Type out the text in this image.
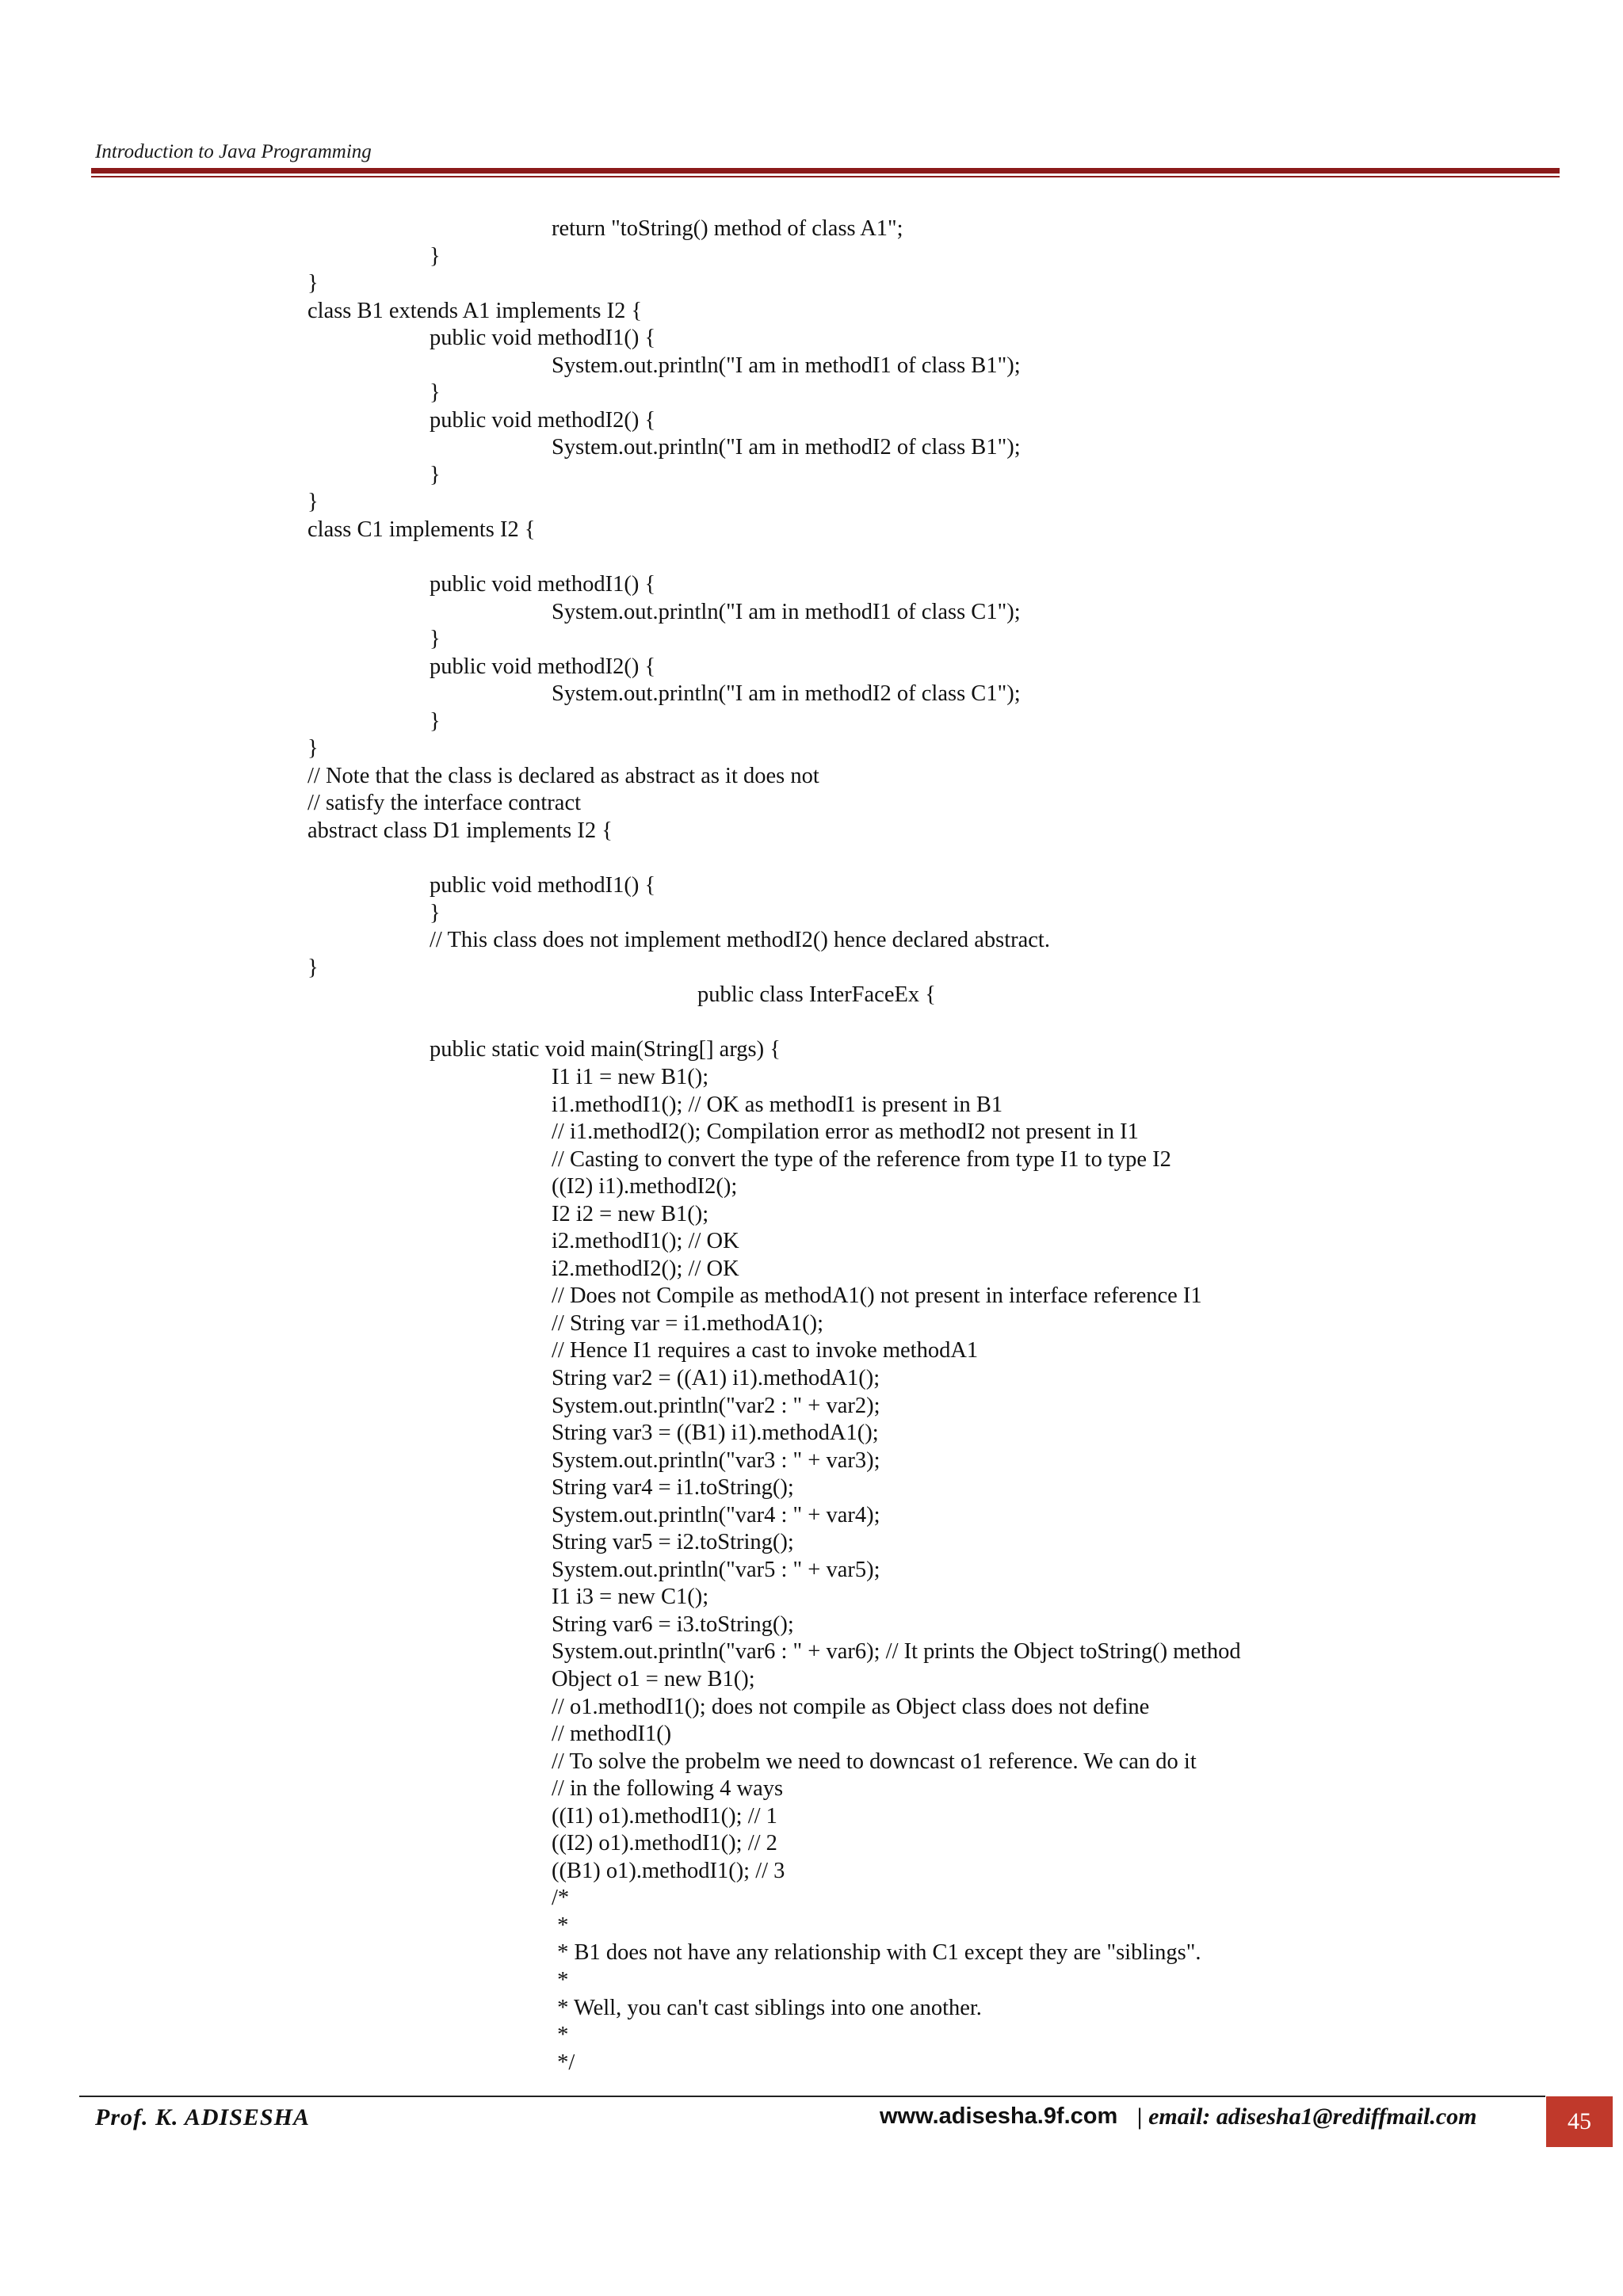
Introduction to Java Programming
return "toString() method of class A1";
}
}
class B1 extends A1 implements I2 {
public void methodI1() {
System.out.println("I am in methodI1 of class B1");
}
public void methodI2() {
System.out.println("I am in methodI2 of class B1");
}
}
class C1 implements I2 {
public void methodI1() {
System.out.println("I am in methodI1 of class C1");
}
public void methodI2() {
System.out.println("I am in methodI2 of class C1");
}
}
// Note that the class is declared as abstract as it does not
// satisfy the interface contract
abstract class D1 implements I2 {
public void methodI1() {
}
// This class does not implement methodI2() hence declared abstract.
}
public class InterFaceEx {
public static void main(String[] args) {
I1 i1 = new B1();
i1.methodI1(); // OK as methodI1 is present in B1
// i1.methodI2(); Compilation error as methodI2 not present in I1
// Casting to convert the type of the reference from type I1 to type I2
((I2) i1).methodI2();
I2 i2 = new B1();
i2.methodI1(); // OK
i2.methodI2(); // OK
// Does not Compile as methodA1() not present in interface reference I1
// String var = i1.methodA1();
// Hence I1 requires a cast to invoke methodA1
String var2 = ((A1) i1).methodA1();
System.out.println("var2 : " + var2);
String var3 = ((B1) i1).methodA1();
System.out.println("var3 : " + var3);
String var4 = i1.toString();
System.out.println("var4 : " + var4);
String var5 = i2.toString();
System.out.println("var5 : " + var5);
I1 i3 = new C1();
String var6 = i3.toString();
System.out.println("var6 : " + var6); // It prints the Object toString() method
Object o1 = new B1();
// o1.methodI1(); does not compile as Object class does not define
// methodI1()
// To solve the probelm we need to downcast o1 reference. We can do it
// in the following 4 ways
((I1) o1).methodI1(); // 1
((I2) o1).methodI1(); // 2
((B1) o1).methodI1(); // 3
/*
*
* B1 does not have any relationship with C1 except they are "siblings".
*
* Well, you can't cast siblings into one another.
*
*/
Prof. K. ADISESHA	www.adisesha.9f.com | email: adisesha1@rediffmail.com	45
